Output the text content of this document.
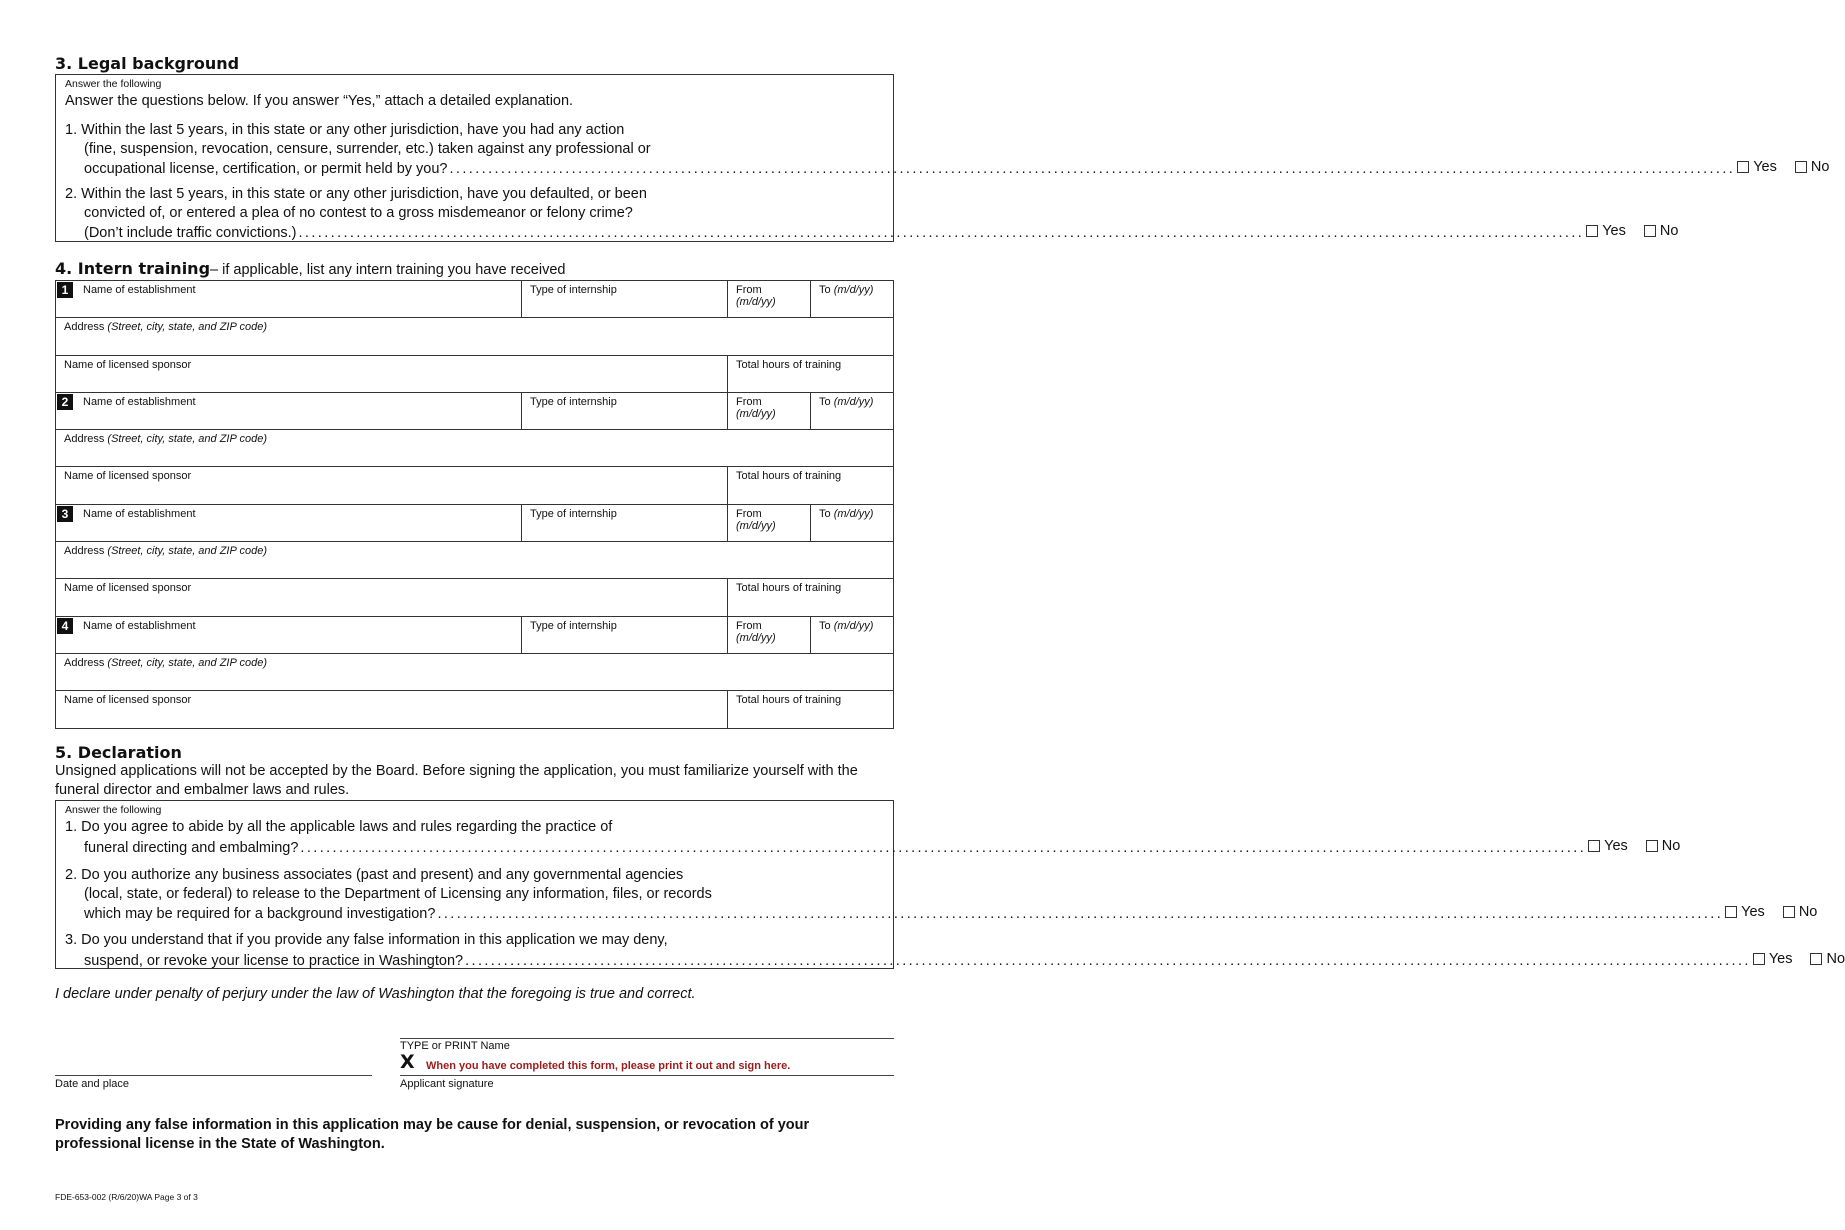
3. Legal background
Answer the following
Answer the questions below. If you answer “Yes,” attach a detailed explanation.
1. Within the last 5 years, in this state or any other jurisdiction, have you had any action
(fine, suspension, revocation, censure, surrender, etc.) taken against any professional or
occupational license, certification, or permit held by you? ........................................................................................................................................................................................................ Yes No
2. Within the last 5 years, in this state or any other jurisdiction, have you defaulted, or been
convicted of, or entered a plea of no contest to a gross misdemeanor or felony crime?
(Don’t include traffic convictions.) ........................................................................................................................................................................................................ Yes No
4. Intern training– if applicable, list any intern training you have received
1 Name of establishment	Type of internship	From (m/d/yy)	To (m/d/yy)
Address (Street, city, state, and ZIP code)			
Name of licensed sponsor		Total hours of training	
2 Name of establishment	Type of internship	From (m/d/yy)	To (m/d/yy)
Address (Street, city, state, and ZIP code)			
Name of licensed sponsor		Total hours of training	
3 Name of establishment	Type of internship	From (m/d/yy)	To (m/d/yy)
Address (Street, city, state, and ZIP code)			
Name of licensed sponsor		Total hours of training	
4 Name of establishment	Type of internship	From (m/d/yy)	To (m/d/yy)
Address (Street, city, state, and ZIP code)			
Name of licensed sponsor		Total hours of training	
5. Declaration
Unsigned applications will not be accepted by the Board. Before signing the application, you must familiarize yourself with the funeral director and embalmer laws and rules.
Answer the following
1. Do you agree to abide by all the applicable laws and rules regarding the practice of
funeral directing and embalming? ........................................................................................................................................................................................................ Yes No
2. Do you authorize any business associates (past and present) and any governmental agencies
(local, state, or federal) to release to the Department of Licensing any information, files, or records
which may be required for a background investigation? ........................................................................................................................................................................................................ Yes No
3. Do you understand that if you provide any false information in this application we may deny,
suspend, or revoke your license to practice in Washington? ........................................................................................................................................................................................................ Yes No
I declare under penalty of perjury under the law of Washington that the foregoing is true and correct.
TYPE or PRINT Name
X When you have completed this form, please print it out and sign here.
Applicant signature
Date and place
Providing any false information in this application may be cause for denial, suspension, or revocation of your professional license in the State of Washington.
FDE-653-002 (R/6/20)WA Page 3 of 3
